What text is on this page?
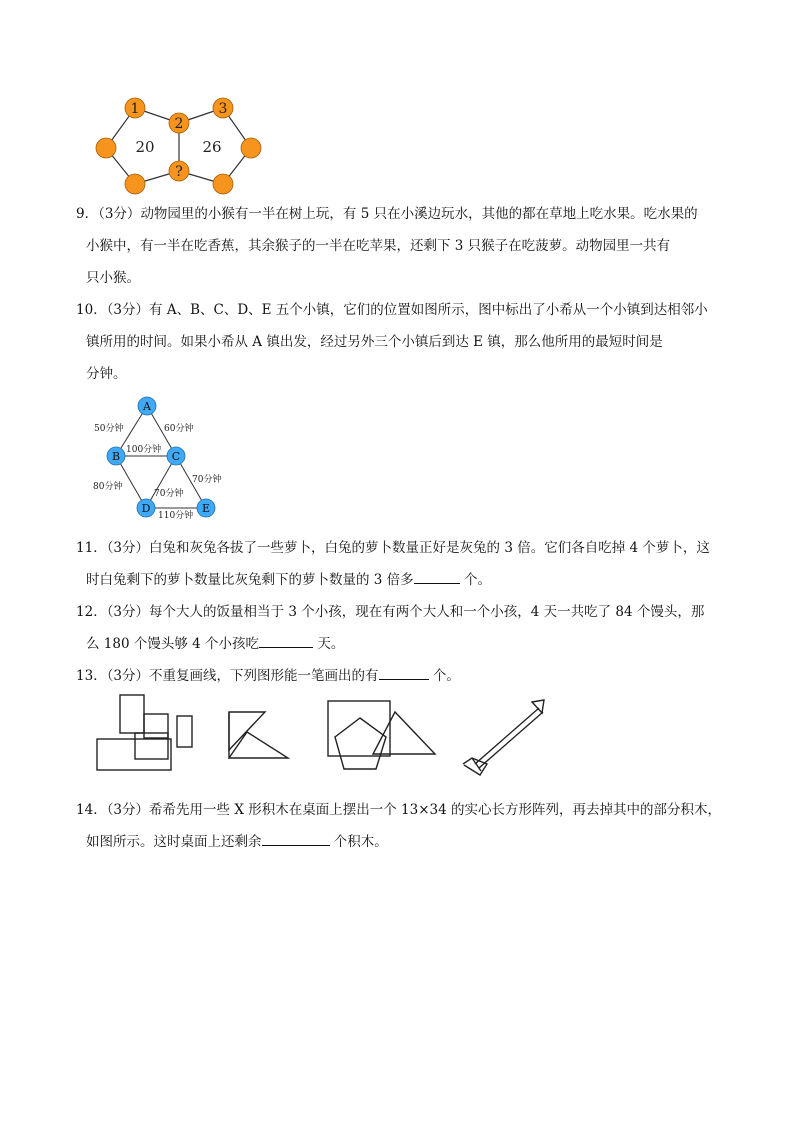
1
2
3
?
20	26
9．（3分）动物园里的小猴有一半在树上玩，有 5 只在小溪边玩水，其他的都在草地上吃水果。吃水果的
小猴中，有一半在吃香蕉，其余猴子的一半在吃苹果，还剩下 3 只猴子在吃菠萝。动物园里一共有
只小猴。
10．（3分）有 A、B、C、D、E 五个小镇，它们的位置如图所示，图中标出了小希从一个小镇到达相邻小
镇所用的时间。如果小希从 A 镇出发，经过另外三个小镇后到达 E 镇，那么他所用的最短时间是
分钟。
A
B	C
D	E
50分钟	60分钟
100分钟
80分钟
70分钟
70分钟
110分钟
11．（3分）白兔和灰兔各拔了一些萝卜，白兔的萝卜数量正好是灰兔的 3 倍。它们各自吃掉 4 个萝卜，这
时白兔剩下的萝卜数量比灰兔剩下的萝卜数量的 3 倍多	个。
12．（3分）每个大人的饭量相当于 3 个小孩，现在有两个大人和一个小孩，4 天一共吃了 84 个馒头，那
么 180 个馒头够 4 个小孩吃	天。
13．（3分）不重复画线，下列图形能一笔画出的有	个。
14．（3分）希希先用一些 X 形积木在桌面上摆出一个 13×34 的实心长方形阵列，再去掉其中的部分积木，
如图所示。这时桌面上还剩余	个积木。
